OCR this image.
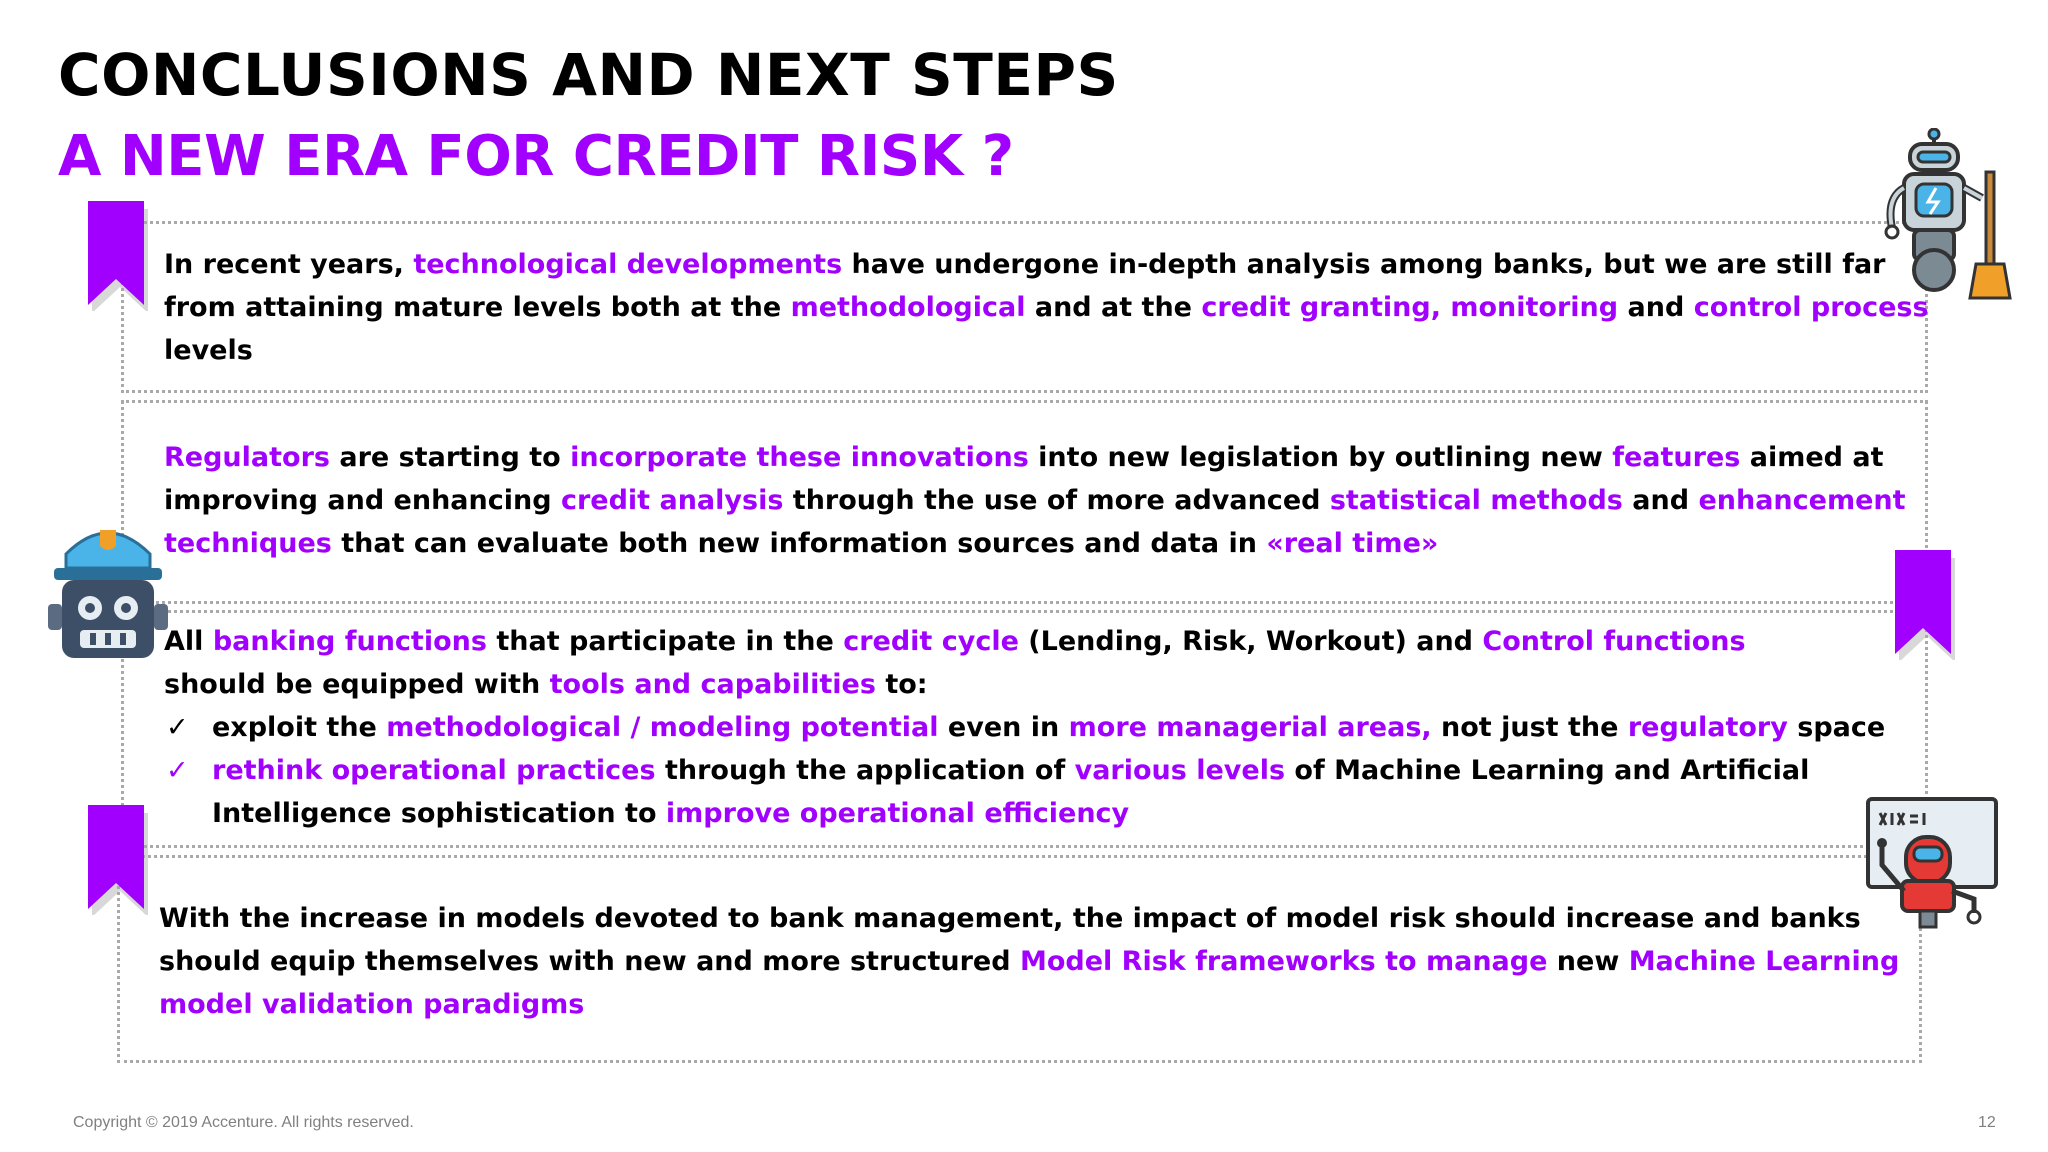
CONCLUSIONS AND NEXT STEPS
A NEW ERA FOR CREDIT RISK ?
In recent years, technological developments have undergone in-depth analysis among banks, but we are still far
from attaining mature levels both at the methodological and at the credit granting, monitoring and control process
levels
Regulators are starting to incorporate these innovations into new legislation by outlining new features aimed at
improving and enhancing credit analysis through the use of more advanced statistical methods and enhancement
techniques that can evaluate both new information sources and data in «real time»
All banking functions that participate in the credit cycle (Lending, Risk, Workout) and Control functions
should be equipped with tools and capabilities to:
✓ exploit the methodological / modeling potential even in more managerial areas, not just the regulatory space
✓ rethink operational practices through the application of various levels of Machine Learning and Artificial
Intelligence sophistication to improve operational efficiency
With the increase in models devoted to bank management, the impact of model risk should increase and banks
should equip themselves with new and more structured Model Risk frameworks to manage new Machine Learning
model validation paradigms

Copyright © 2019 Accenture. All rights reserved.	12
